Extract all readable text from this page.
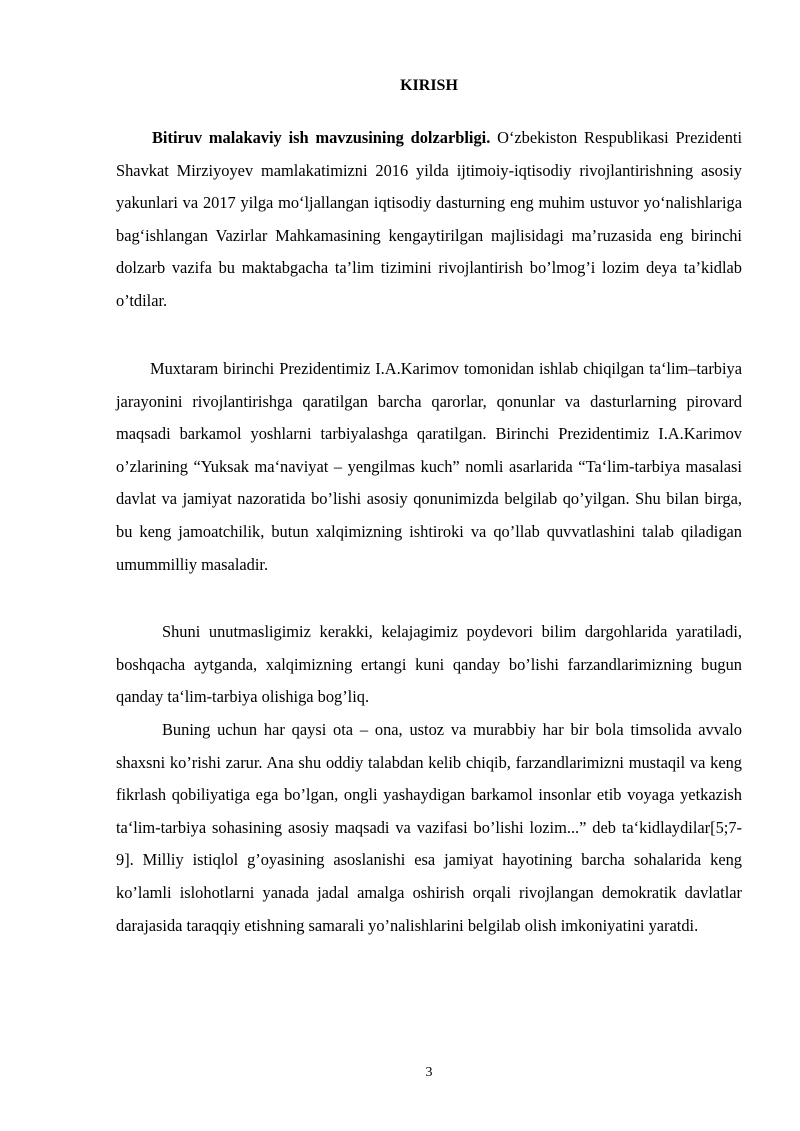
KIRISH

Bitiruv malakaviy ish mavzusining dolzarbligi. O‘zbekiston Respublikasi Prezidenti Shavkat Mirziyoyev mamlakatimizni 2016 yilda ijtimoiy-iqtisodiy rivojlantirishning asosiy yakunlari va 2017 yilga mo‘ljallangan iqtisodiy dasturning eng muhim ustuvor yo‘nalishlariga bag‘ishlangan Vazirlar Mahkamasining kengaytirilgan majlisidagi ma’ruzasida eng birinchi dolzarb vazifa bu maktabgacha ta’lim tizimini rivojlantirish bo’lmog’i lozim deya ta’kidlab o’tdilar.

Muxtaram birinchi Prezidentimiz I.A.Karimov tomonidan ishlab chiqilgan ta‘lim–tarbiya jarayonini rivojlantirishga qaratilgan barcha qarorlar, qonunlar va dasturlarning pirovard maqsadi barkamol yoshlarni tarbiyalashga qaratilgan. Birinchi Prezidentimiz I.A.Karimov o’zlarining “Yuksak ma‘naviyat – yengilmas kuch” nomli asarlarida “Ta‘lim-tarbiya masalasi davlat va jamiyat nazoratida bo’lishi asosiy qonunimizda belgilab qo’yilgan. Shu bilan birga, bu keng jamoatchilik, butun xalqimizning ishtiroki va qo’llab quvvatlashini talab qiladigan umummilliy masaladir.

Shuni unutmasligimiz kerakki, kelajagimiz poydevori bilim dargohlarida yaratiladi, boshqacha aytganda, xalqimizning ertangi kuni qanday bo’lishi farzandlarimizning bugun qanday ta‘lim-tarbiya olishiga bog’liq.

Buning uchun har qaysi ota – ona, ustoz va murabbiy har bir bola timsolida avvalo shaxsni ko’rishi zarur. Ana shu oddiy talabdan kelib chiqib, farzandlarimizni mustaqil va keng fikrlash qobiliyatiga ega bo’lgan, ongli yashaydigan barkamol insonlar etib voyaga yetkazish ta‘lim-tarbiya sohasining asosiy maqsadi va vazifasi bo’lishi lozim...” deb ta‘kidlaydilar[5;7-9]. Milliy istiqlol g’oyasining asoslanishi esa jamiyat hayotining barcha sohalarida keng ko’lamli islohotlarni yanada jadal amalga oshirish orqali rivojlangan demokratik davlatlar darajasida taraqqiy etishning samarali yo’nalishlarini belgilab olish imkoniyatini yaratdi.

3
